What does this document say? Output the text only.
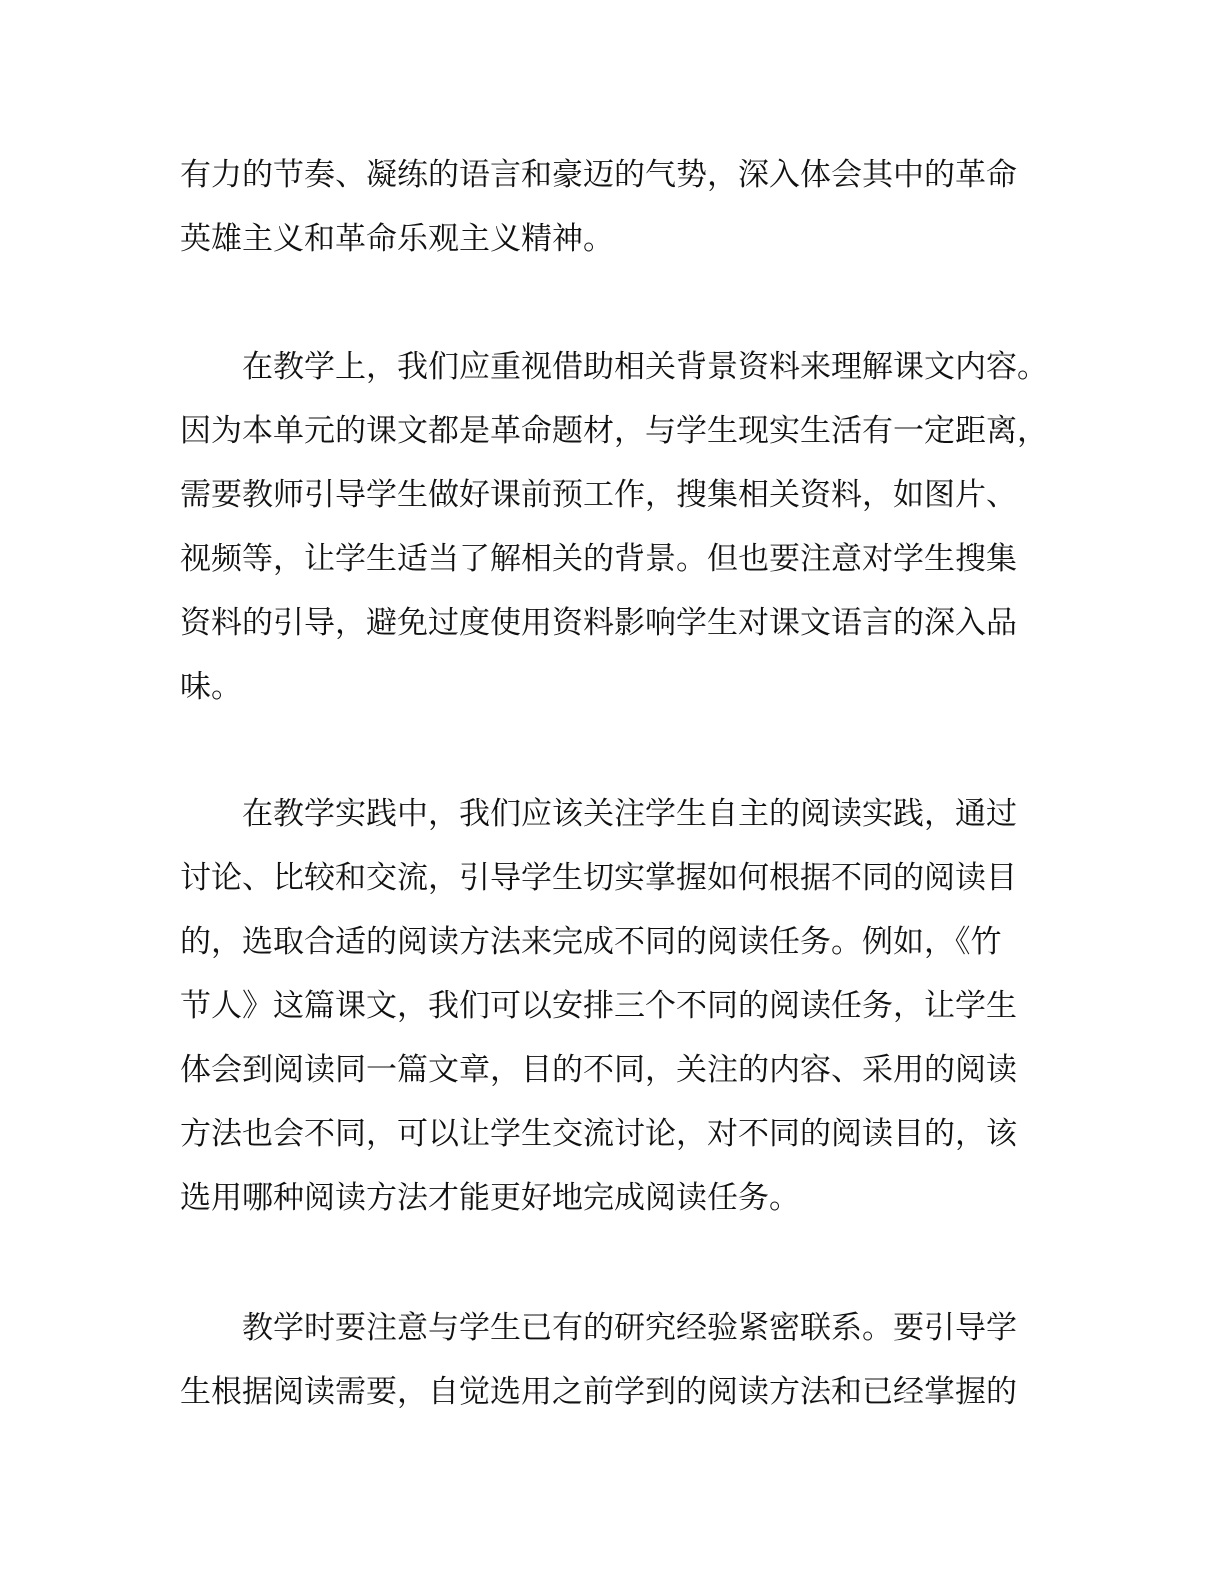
有力的节奏、凝练的语言和豪迈的气势，深入体会其中的革命
英雄主义和革命乐观主义精神。
在教学上，我们应重视借助相关背景资料来理解课文内容。
因为本单元的课文都是革命题材，与学生现实生活有一定距离，
需要教师引导学生做好课前预工作，搜集相关资料，如图片、
视频等，让学生适当了解相关的背景。但也要注意对学生搜集
资料的引导，避免过度使用资料影响学生对课文语言的深入品
味。
在教学实践中，我们应该关注学生自主的阅读实践，通过
讨论、比较和交流，引导学生切实掌握如何根据不同的阅读目
的，选取合适的阅读方法来完成不同的阅读任务。例如，《竹
节人》这篇课文，我们可以安排三个不同的阅读任务，让学生
体会到阅读同一篇文章，目的不同，关注的内容、采用的阅读
方法也会不同，可以让学生交流讨论，对不同的阅读目的，该
选用哪种阅读方法才能更好地完成阅读任务。
教学时要注意与学生已有的研究经验紧密联系。要引导学
生根据阅读需要，自觉选用之前学到的阅读方法和已经掌握的
